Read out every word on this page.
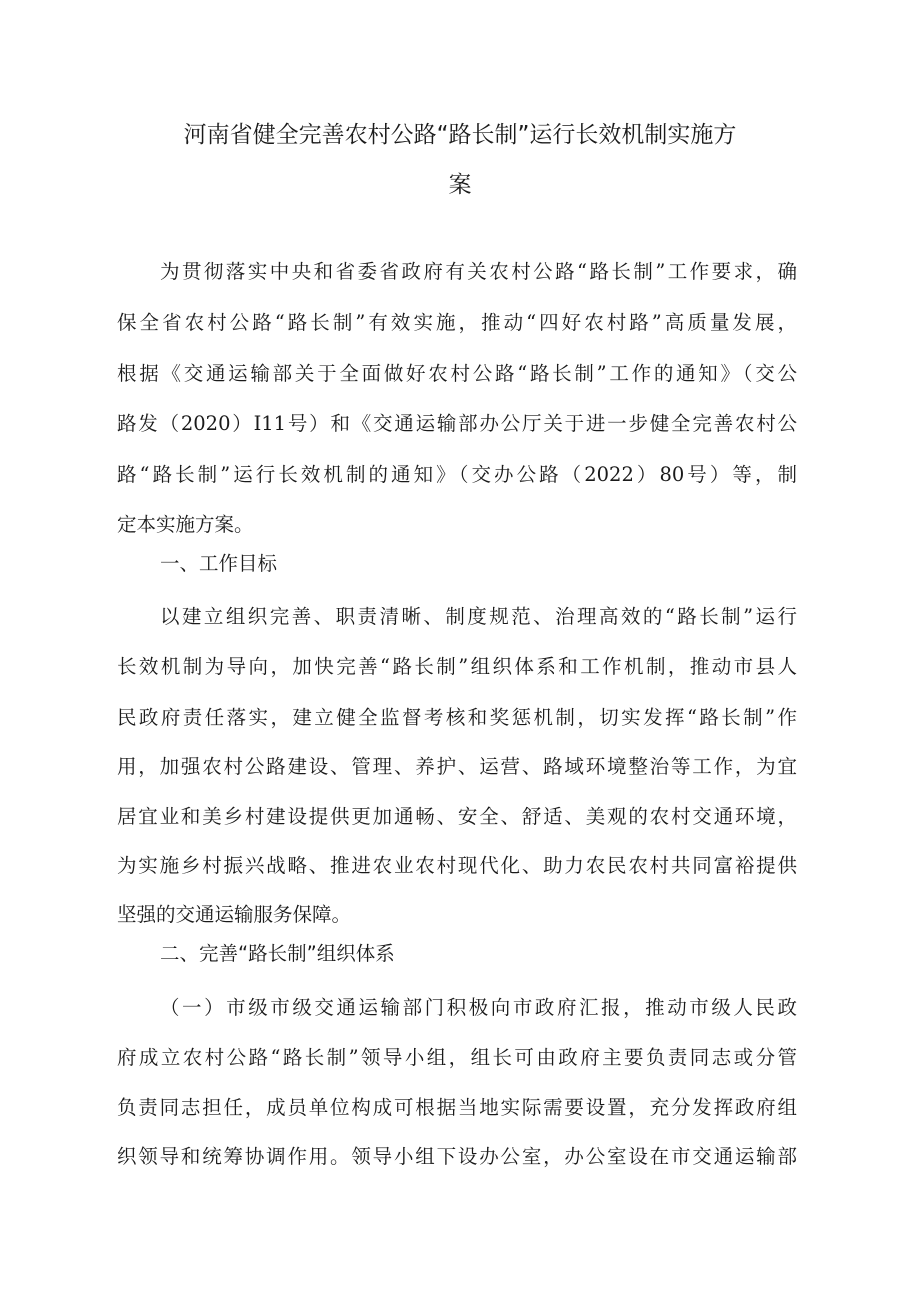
河南省健全完善农村公路“路长制”运行长效机制实施方
案
为贯彻落实中央和省委省政府有关农村公路“路长制”工作要求，确
保全省农村公路“路长制”有效实施，推动“四好农村路”高质量发展，
根据《交通运输部关于全面做好农村公路“路长制”工作的通知》（交公
路发（2020）I11号）和《交通运输部办公厅关于进一步健全完善农村公
路“路长制”运行长效机制的通知》（交办公路（2022）80号）等，制
定本实施方案。
一、工作目标
以建立组织完善、职责清晰、制度规范、治理高效的“路长制”运行
长效机制为导向，加快完善“路长制”组织体系和工作机制，推动市县人
民政府责任落实，建立健全监督考核和奖惩机制，切实发挥“路长制”作
用，加强农村公路建设、管理、养护、运营、路域环境整治等工作，为宜
居宜业和美乡村建设提供更加通畅、安全、舒适、美观的农村交通环境，
为实施乡村振兴战略、推进农业农村现代化、助力农民农村共同富裕提供
坚强的交通运输服务保障。
二、完善“路长制”组织体系
（一）市级市级交通运输部门积极向市政府汇报，推动市级人民政
府成立农村公路“路长制”领导小组，组长可由政府主要负责同志或分管
负责同志担任，成员单位构成可根据当地实际需要设置，充分发挥政府组
织领导和统筹协调作用。领导小组下设办公室，办公室设在市交通运输部
